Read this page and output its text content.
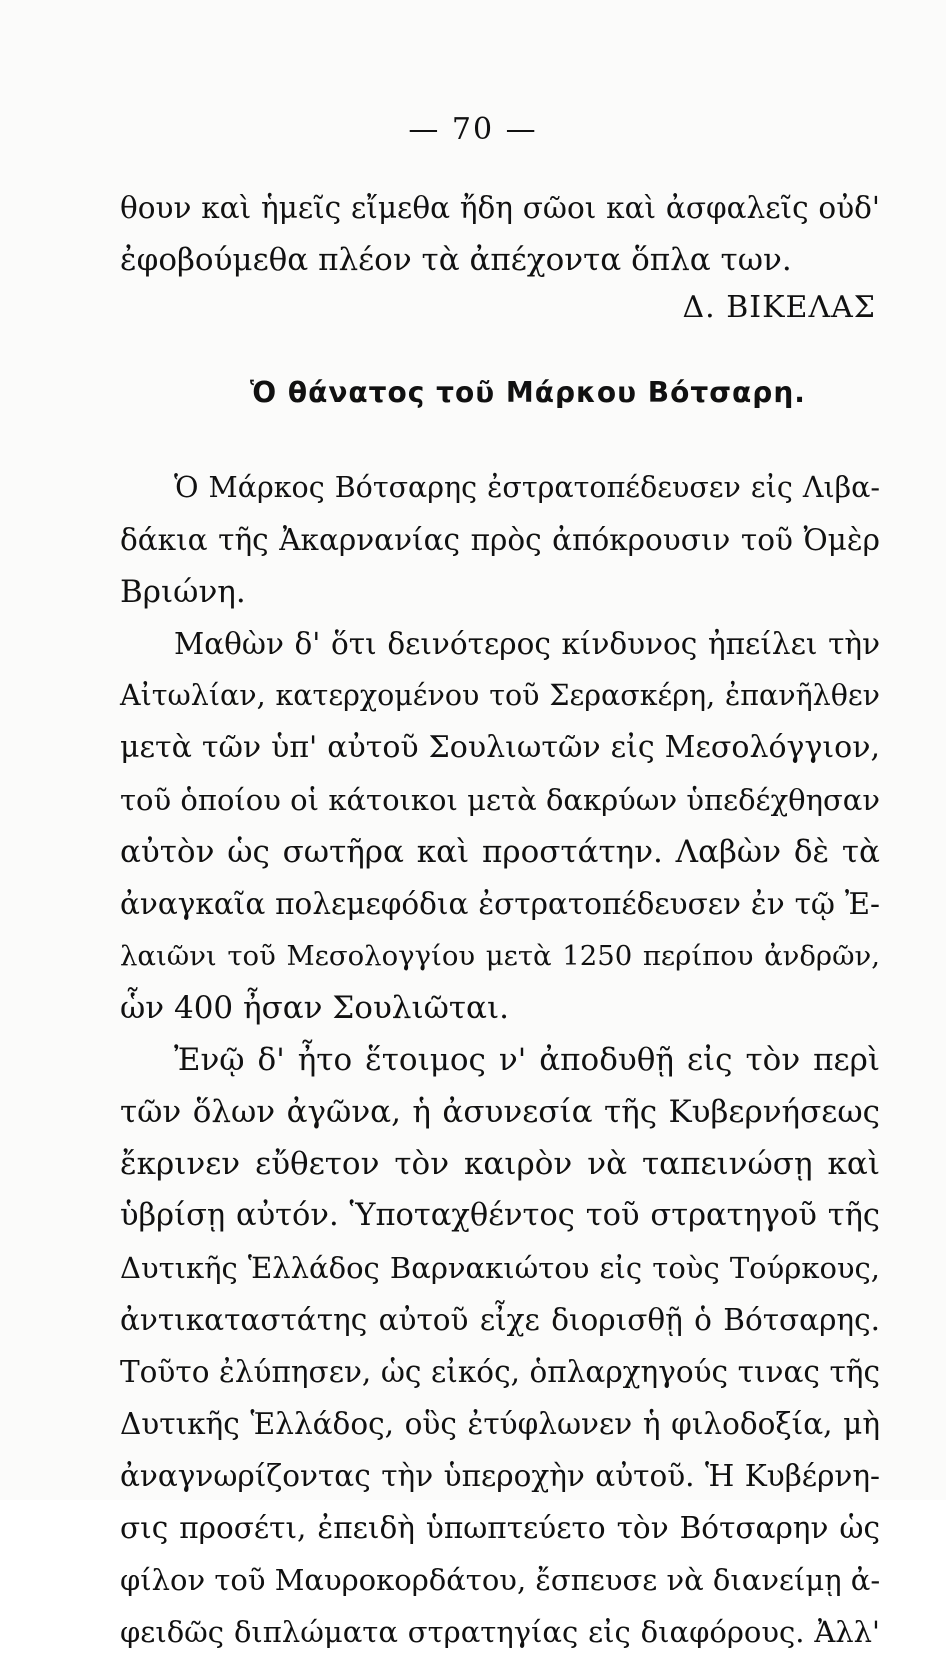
— 70 —
θουν καὶ ἡμεῖς εἴμεθα ἤδη σῶοι καὶ ἀσφαλεῖς οὐδ'
ἐφοβούμεθα πλέον τὰ ἀπέχοντα ὅπλα των.
Δ. ΒΙΚΕΛΑΣ
Ὁ θάνατος τοῦ Μάρκου Βότσαρη.
Ὁ Μάρκος Βότσαρης ἐστρατοπέδευσεν εἰς Λιβα-
δάκια τῆς Ἀκαρνανίας πρὸς ἀπόκρουσιν τοῦ Ὀμὲρ
Βριώνη.
Μαθὼν δ' ὅτι δεινότερος κίνδυνος ἠπείλει τὴν
Αἰτωλίαν, κατερχομένου τοῦ Σερασκέρη, ἐπανῆλθεν
μετὰ τῶν ὑπ' αὐτοῦ Σουλιωτῶν εἰς Μεσολόγγιον,
τοῦ ὁποίου οἱ κάτοικοι μετὰ δακρύων ὑπεδέχθησαν
αὐτὸν ὡς σωτῆρα καὶ προστάτην. Λαβὼν δὲ τὰ
ἀναγκαῖα πολεμεφόδια ἐστρατοπέδευσεν ἐν τῷ Ἐ-
λαιῶνι τοῦ Μεσολογγίου μετὰ 1250 περίπου ἀνδρῶν,
ὧν 400 ἦσαν Σουλιῶται.
Ἐνῷ δ' ἦτο ἕτοιμος ν' ἀποδυθῇ εἰς τὸν περὶ
τῶν ὅλων ἀγῶνα, ἡ ἀσυνεσία τῆς Κυβερνήσεως
ἔκρινεν εὔθετον τὸν καιρὸν νὰ ταπεινώσῃ καὶ
ὑβρίσῃ αὐτόν. Ὑποταχθέντος τοῦ στρατηγοῦ τῆς
Δυτικῆς Ἑλλάδος Βαρνακιώτου εἰς τοὺς Τούρκους,
ἀντικαταστάτης αὐτοῦ εἶχε διορισθῇ ὁ Βότσαρης.
Τοῦτο ἐλύπησεν, ὡς εἰκός, ὁπλαρχηγούς τινας τῆς
Δυτικῆς Ἑλλάδος, οὓς ἐτύφλωνεν ἡ φιλοδοξία, μὴ
ἀναγνωρίζοντας τὴν ὑπεροχὴν αὐτοῦ. Ἡ Κυβέρνη-
σις προσέτι, ἐπειδὴ ὑπωπτεύετο τὸν Βότσαρην ὡς
φίλον τοῦ Μαυροκορδάτου, ἔσπευσε νὰ διανείμῃ ἀ-
φειδῶς διπλώματα στρατηγίας εἰς διαφόρους. Ἀλλ'
